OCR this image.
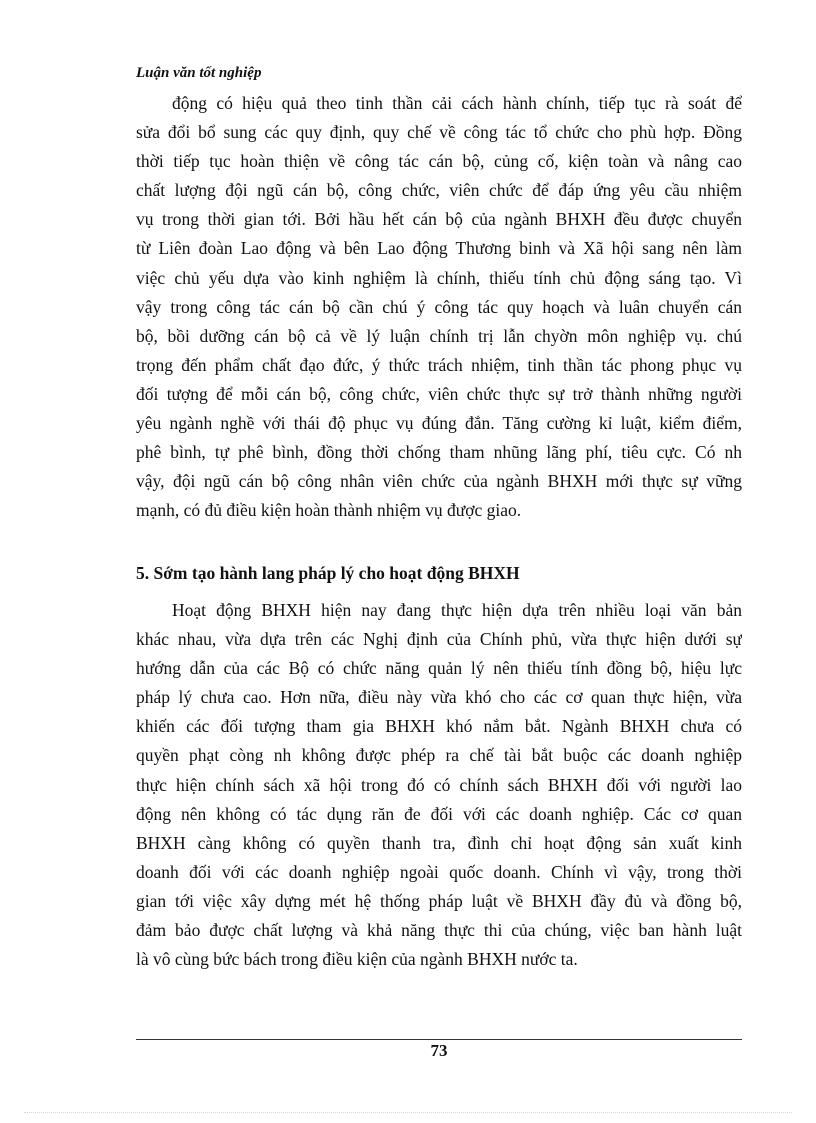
Luận văn tốt nghiệp
động có hiệu quả theo tinh thần cải cách hành chính, tiếp tục rà soát để
sửa đổi bổ sung các quy định, quy chế về công tác tổ chức cho phù hợp. Đồng
thời tiếp tục hoàn thiện về công tác cán bộ, củng cố, kiện toàn và nâng cao
chất lượng đội ngũ cán bộ, công chức, viên chức để đáp ứng yêu cầu nhiệm
vụ trong thời gian tới. Bởi hầu hết cán bộ của ngành BHXH đều được chuyển
từ Liên đoàn Lao động và bên Lao động Thương binh và Xã hội sang nên làm
việc chủ yếu dựa vào kinh nghiệm là chính, thiếu tính chủ động sáng tạo. Vì
vậy trong công tác cán bộ cần chú ý công tác quy hoạch và luân chuyển cán
bộ, bồi dưỡng cán bộ cả về lý luận chính trị lẫn chyờn môn nghiệp vụ. chú
trọng đến phẩm chất đạo đức, ý thức trách nhiệm, tinh thần tác phong phục vụ
đối tượng để mỗi cán bộ, công chức, viên chức thực sự trở thành những người
yêu ngành nghề với thái độ phục vụ đúng đắn. Tăng cường kỉ luật, kiểm điểm,
phê bình, tự phê bình, đồng thời chống tham nhũng lãng phí, tiêu cực. Có nh
vậy, đội ngũ cán bộ công nhân viên chức của ngành BHXH mới thực sự vững
mạnh, có đủ điều kiện hoàn thành nhiệm vụ được giao.
5. Sớm tạo hành lang pháp lý cho hoạt động BHXH
Hoạt động BHXH hiện nay đang thực hiện dựa trên nhiều loại văn bản
khác nhau, vừa dựa trên các Nghị định của Chính phủ, vừa thực hiện dưới sự
hướng dẫn của các Bộ có chức năng quản lý nên thiếu tính đồng bộ, hiệu lực
pháp lý chưa cao. Hơn nữa, điều này vừa khó cho các cơ quan thực hiện, vừa
khiến các đối tượng tham gia BHXH khó nắm bắt. Ngành BHXH chưa có
quyền phạt còng nh không được phép ra chế tài bắt buộc các doanh nghiệp
thực hiện chính sách xã hội trong đó có chính sách BHXH đối với người lao
động nên không có tác dụng răn đe đối với các doanh nghiệp. Các cơ quan
BHXH càng không có quyền thanh tra, đình chỉ hoạt động sản xuất kinh
doanh đối với các doanh nghiệp ngoài quốc doanh. Chính vì vậy, trong thời
gian tới việc xây dựng mét hệ thống pháp luật về BHXH đầy đủ và đồng bộ,
đảm bảo được chất lượng và khả năng thực thi của chúng, việc ban hành luật
là vô cùng bức bách trong điều kiện của ngành BHXH nước ta.
73
